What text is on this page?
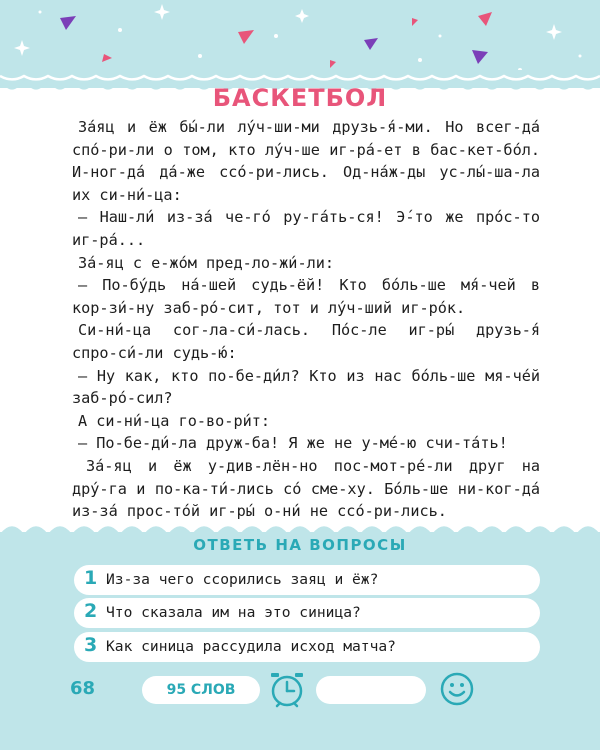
БАСКЕТБОЛ

За́яц и ёж бы́-ли лу́ч-ши-ми друзь-я́-ми. Но всег-да́ спо́-ри-ли о том, кто лу́ч-ше иг-ра́-ет в бас-кет-бо́л. И-ног-да́ да́-же ссо́-ри-лись. Од-на́ж-ды ус-лы́-ша-ла их си-ни́-ца:

– Наш-ли́ из-за́ че-го́ ру-га́ть-ся! Э́-то же про́с-то иг-ра́...

За́-яц с е-жо́м пред-ло-жи́-ли:

– По-бу́дь на́-шей судь-ёй! Кто бо́ль-ше мя́-чей в кор-зи́-ну заб-ро́-сит, тот и лу́ч-ший иг-ро́к.

Си-ни́-ца сог-ла-си́-лась. По́с-ле иг-ры́ друзь-я́ спро-си́-ли судь-ю́:

– Ну как, кто по-бе-ди́л? Кто из нас бо́ль-ше мя-че́й заб-ро́-сил?

А си-ни́-ца го-во-ри́т:

– По-бе-ди́-ла друж-ба! Я же не у-ме́-ю счи-та́ть!

За́-яц и ёж у-див-лён-но пос-мот-ре́-ли друг на дру́-га и по-ка-ти́-лись со́ сме-ху. Бо́ль-ше ни-ког-да́ из-за́ прос-то́й иг-ры́ о-ни́ не ссо́-ри-лись.

ОТВЕТЬ НА ВОПРОСЫ
1 Из-за чего ссорились заяц и ёж?
2 Что сказала им на это синица?
3 Как синица рассудила исход матча?
68	95 СЛОВ
